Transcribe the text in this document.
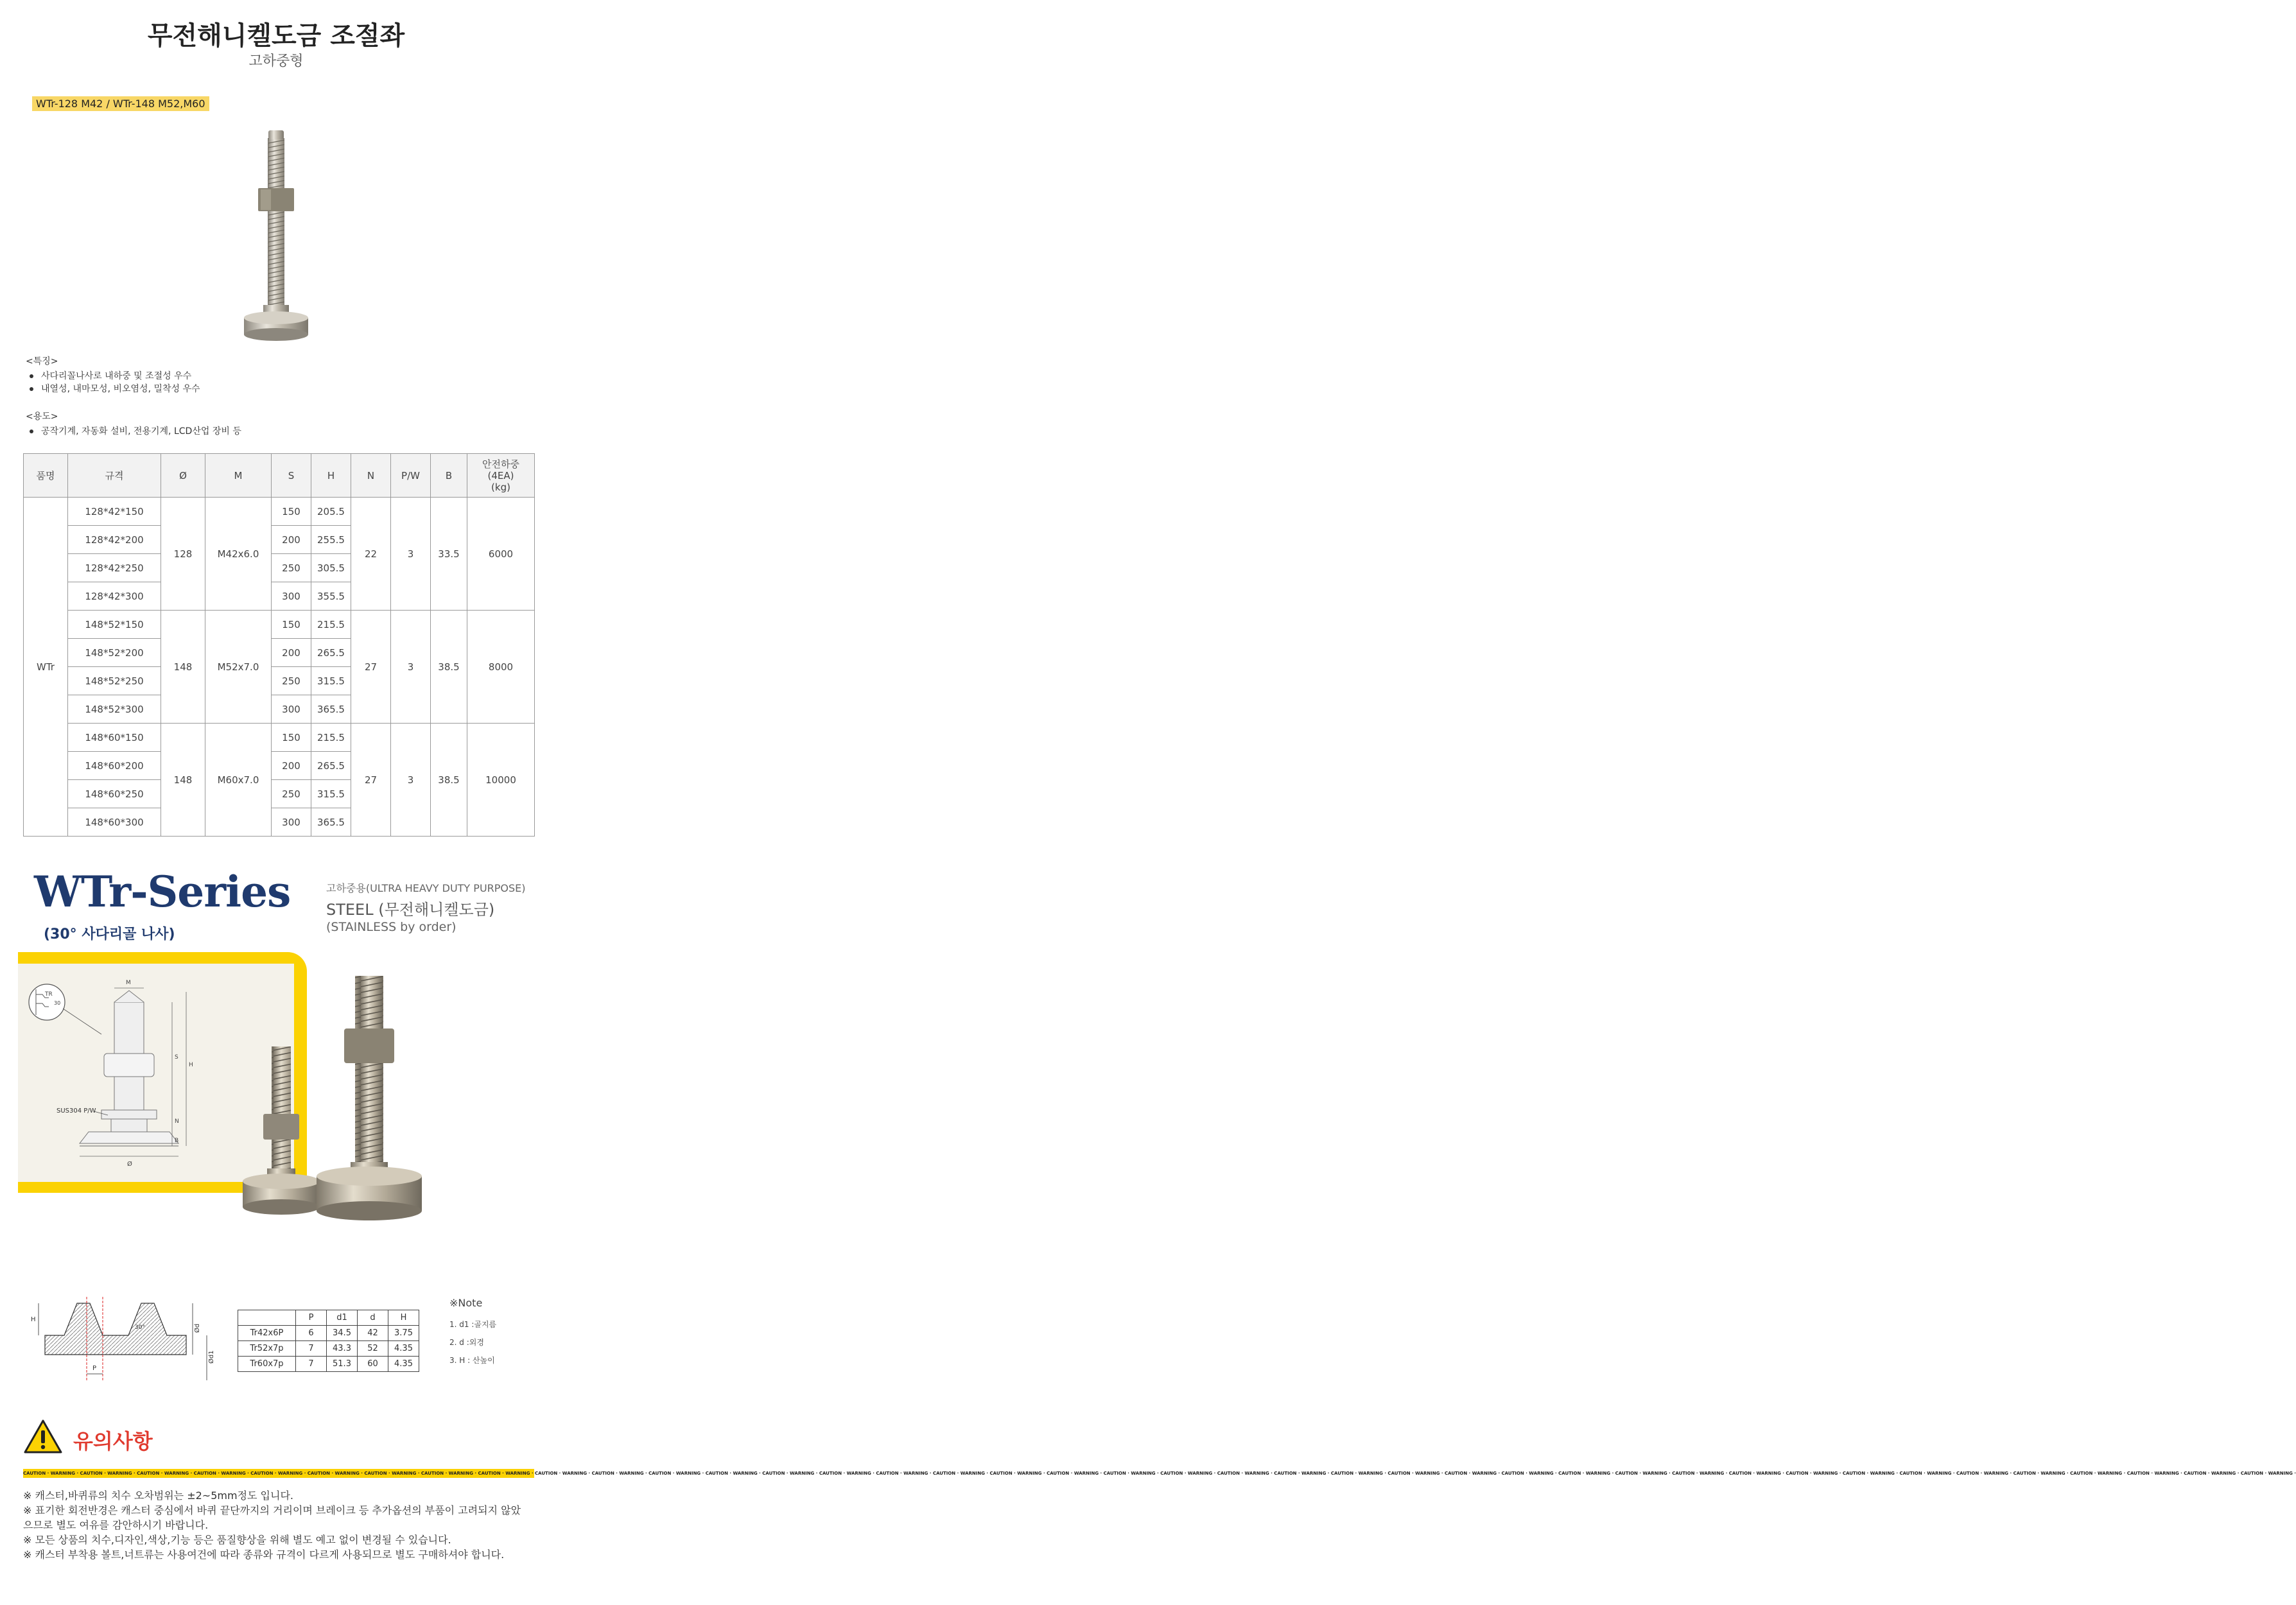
무전해니켈도금 조절좌
고하중형
WTr-128 M42 / WTr-148 M52,M60
<특징>
사다리꼴나사로 내하중 및 조절성 우수
내열성, 내마모성, 비오염성, 밀착성 우수
<용도>
공작기계, 자동화 설비, 전용기계, LCD산업 장비 등
품명	규격	Ø	M	S	H	N	P/W	B	안전하중
(4EA)
(kg)
WTr	128*42*150	128	M42x6.0	150	205.5	22	3	33.5	6000
	128*42*200			200	255.5				
	128*42*250			250	305.5				
	128*42*300			300	355.5				
	148*52*150	148	M52x7.0	150	215.5	27	3	38.5	8000
	148*52*200			200	265.5				
	148*52*250			250	315.5				
	148*52*300			300	365.5				
	148*60*150	148	M60x7.0	150	215.5	27	3	38.5	10000
	148*60*200			200	265.5				
	148*60*250			250	315.5				
	148*60*300			300	365.5				
WTr-Series
(30° 사다리골 나사)
고하중용(ULTRA HEAVY DUTY PURPOSE)
STEEL (무전해니켈도금)
(STAINLESS by order)
TR
30
M
S
H
N
B
Ø
SUS304 P/W
H
Ød
Ød1
P
30°
	P	d1	d	H
Tr42x6P	6	34.5	42	3.75
Tr52x7p	7	43.3	52	4.35
Tr60x7p	7	51.3	60	4.35
※Note
1. d1 :골지름
2. d :외경
3. H : 산높이
유의사항
CAUTION · WARNING · CAUTION · WARNING · CAUTION · WARNING · CAUTION · WARNING · CAUTION · WARNING · CAUTION · WARNING · CAUTION · WARNING · CAUTION · WARNING · CAUTION · WARNING · CAUTION · WARNING · CAUTION · WARNING · CAUTION · WARNING · CAUTION · WARNING · CAUTION · WARNING · CAUTION · WARNING · CAUTION · WARNING · CAUTION · WARNING · CAUTION · WARNING · CAUTION · WARNING · CAUTION · WARNING · CAUTION · WARNING · CAUTION · WARNING · CAUTION · WARNING · CAUTION · WARNING · CAUTION · WARNING · CAUTION · WARNING · CAUTION · WARNING · CAUTION · WARNING · CAUTION · WARNING · CAUTION · WARNING · CAUTION · WARNING · CAUTION · WARNING · CAUTION · WARNING · CAUTION · WARNING · CAUTION · WARNING · CAUTION · WARNING · CAUTION · WARNING · CAUTION · WARNING · CAUTION · WARNING · CAUTION · WARNING ·
※ 캐스터,바퀴류의 치수 오차범위는 ±2~5mm정도 입니다.
※ 표기한 회전반경은 캐스터 중심에서 바퀴 끝단까지의 거리이며 브레이크 등 추가옵션의 부품이 고려되지 않았으므로 별도 여유를 감안하시기 바랍니다.
※ 모든 상품의 치수,디자인,색상,기능 등은 품질향상을 위해 별도 예고 없이 변경될 수 있습니다.
※ 캐스터 부착용 볼트,너트류는 사용여건에 따라 종류와 규격이 다르게 사용되므로 별도 구매하셔야 합니다.
